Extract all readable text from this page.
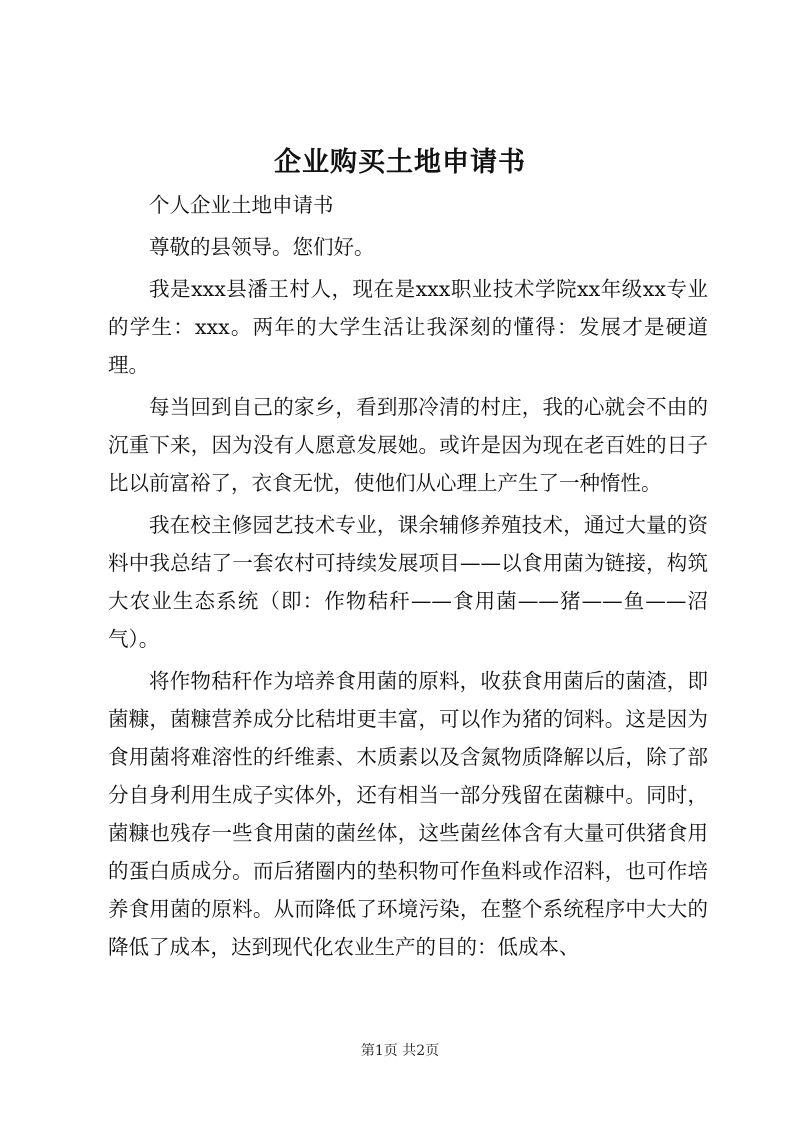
企业购买土地申请书

个人企业土地申请书

尊敬的县领导。您们好。

我是xxx县潘王村人，现在是xxx职业技术学院xx年级xx专业的学生：xxx。两年的大学生活让我深刻的懂得：发展才是硬道理。

每当回到自己的家乡，看到那冷清的村庄，我的心就会不由的沉重下来，因为没有人愿意发展她。或许是因为现在老百姓的日子比以前富裕了，衣食无忧，使他们从心理上产生了一种惰性。

我在校主修园艺技术专业，课余辅修养殖技术，通过大量的资料中我总结了一套农村可持续发展项目——以食用菌为链接，构筑大农业生态系统（即：作物秸秆——食用菌——猪——鱼——沼气）。

将作物秸秆作为培养食用菌的原料，收获食用菌后的菌渣，即菌糠，菌糠营养成分比秸坩更丰富，可以作为猪的饲料。这是因为食用菌将难溶性的纤维素、木质素以及含氮物质降解以后，除了部分自身利用生成子实体外，还有相当一部分残留在菌糠中。同时，菌糠也残存一些食用菌的菌丝体，这些菌丝体含有大量可供猪食用的蛋白质成分。而后猪圈内的垫积物可作鱼料或作沼料，也可作培养食用菌的原料。从而降低了环境污染，在整个系统程序中大大的降低了成本，达到现代化农业生产的目的：低成本、

第1页 共2页
